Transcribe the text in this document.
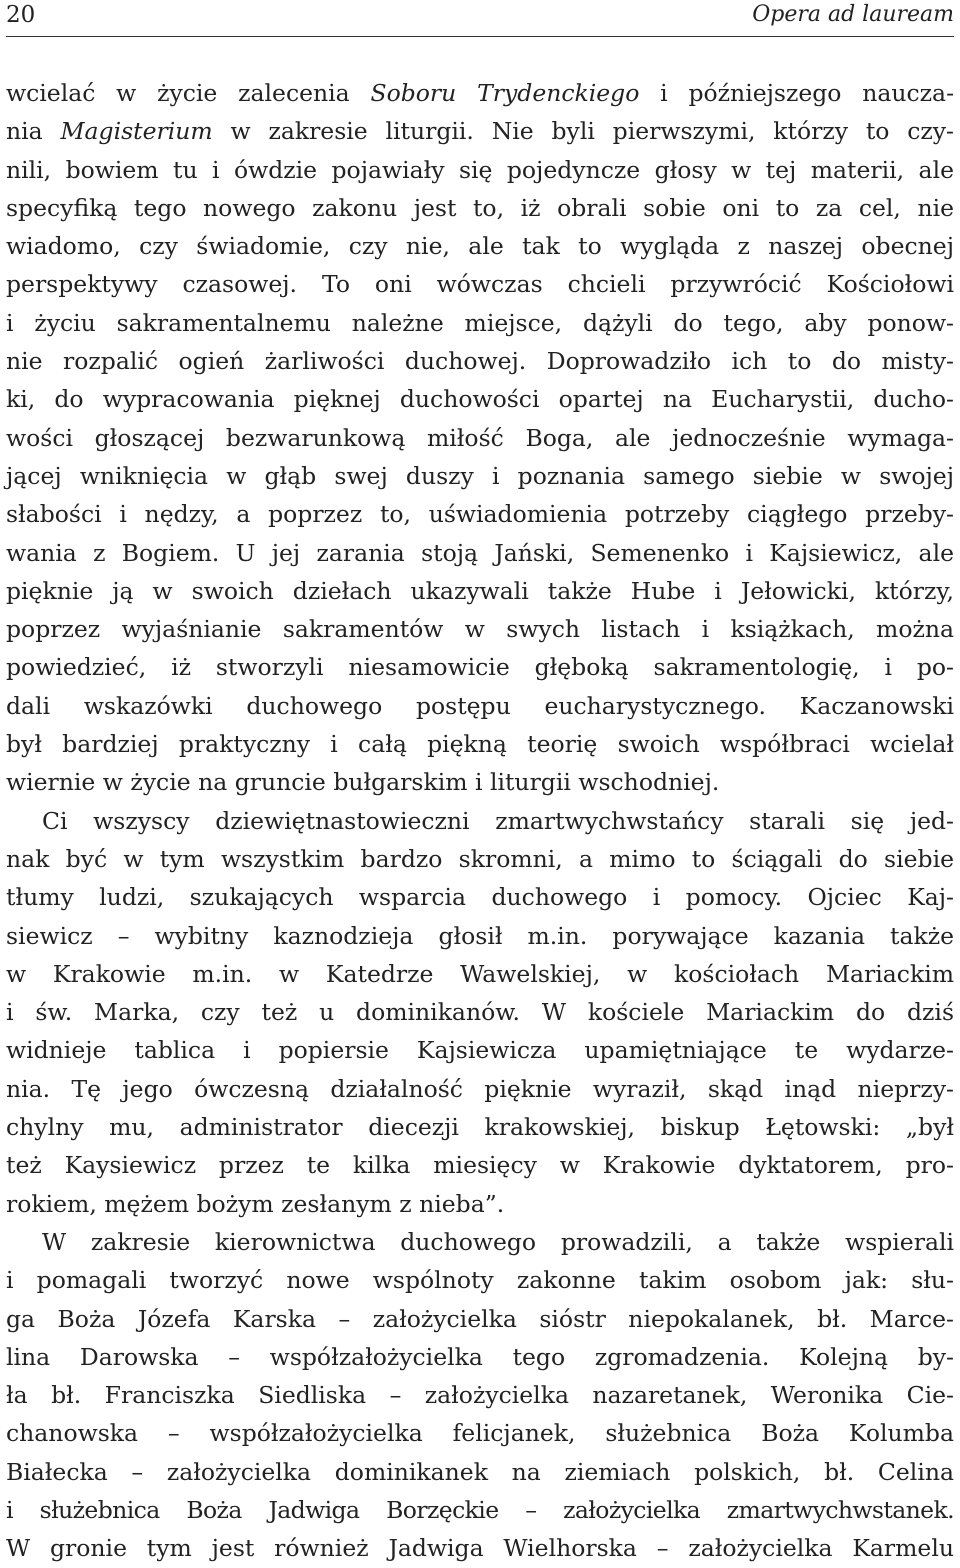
20	Opera ad lauream
wcielać w życie zalecenia Soboru Trydenckiego i późniejszego naucza-
nia Magisterium w zakresie liturgii. Nie byli pierwszymi, którzy to czy-
nili, bowiem tu i ówdzie pojawiały się pojedyncze głosy w tej materii, ale
specyfiką tego nowego zakonu jest to, iż obrali sobie oni to za cel, nie
wiadomo, czy świadomie, czy nie, ale tak to wygląda z naszej obecnej
perspektywy czasowej. To oni wówczas chcieli przywrócić Kościołowi
i życiu sakramentalnemu należne miejsce, dążyli do tego, aby ponow-
nie rozpalić ogień żarliwości duchowej. Doprowadziło ich to do misty-
ki, do wypracowania pięknej duchowości opartej na Eucharystii, ducho-
wości głoszącej bezwarunkową miłość Boga, ale jednocześnie wymaga-
jącej wniknięcia w głąb swej duszy i poznania samego siebie w swojej
słabości i nędzy, a poprzez to, uświadomienia potrzeby ciągłego przeby-
wania z Bogiem. U jej zarania stoją Jański, Semenenko i Kajsiewicz, ale
pięknie ją w swoich dziełach ukazywali także Hube i Jełowicki, którzy,
poprzez wyjaśnianie sakramentów w swych listach i książkach, można
powiedzieć, iż stworzyli niesamowicie głęboką sakramentologię, i po-
dali wskazówki duchowego postępu eucharystycznego. Kaczanowski
był bardziej praktyczny i całą piękną teorię swoich współbraci wcielał
wiernie w życie na gruncie bułgarskim i liturgii wschodniej.
Ci wszyscy dziewiętnastowieczni zmartwychwstańcy starali się jed-
nak być w tym wszystkim bardzo skromni, a mimo to ściągali do siebie
tłumy ludzi, szukających wsparcia duchowego i pomocy. Ojciec Kaj-
siewicz – wybitny kaznodzieja głosił m.in. porywające kazania także
w Krakowie m.in. w Katedrze Wawelskiej, w kościołach Mariackim
i św. Marka, czy też u dominikanów. W kościele Mariackim do dziś
widnieje tablica i popiersie Kajsiewicza upamiętniające te wydarze-
nia. Tę jego ówczesną działalność pięknie wyraził, skąd inąd nieprzy-
chylny mu, administrator diecezji krakowskiej, biskup Łętowski: „był
też Kaysiewicz przez te kilka miesięcy w Krakowie dyktatorem, pro-
rokiem, mężem bożym zesłanym z nieba”.
W zakresie kierownictwa duchowego prowadzili, a także wspierali
i pomagali tworzyć nowe wspólnoty zakonne takim osobom jak: słu-
ga Boża Józefa Karska – założycielka sióstr niepokalanek, bł. Marce-
lina Darowska – współzałożycielka tego zgromadzenia. Kolejną by-
ła bł. Franciszka Siedliska – założycielka nazaretanek, Weronika Cie-
chanowska – współzałożycielka felicjanek, służebnica Boża Kolumba
Białecka – założycielka dominikanek na ziemiach polskich, bł. Celina
i służebnica Boża Jadwiga Borzęckie – założycielka zmartwychwstanek.
W gronie tym jest również Jadwiga Wielhorska – założycielka Karmelu
